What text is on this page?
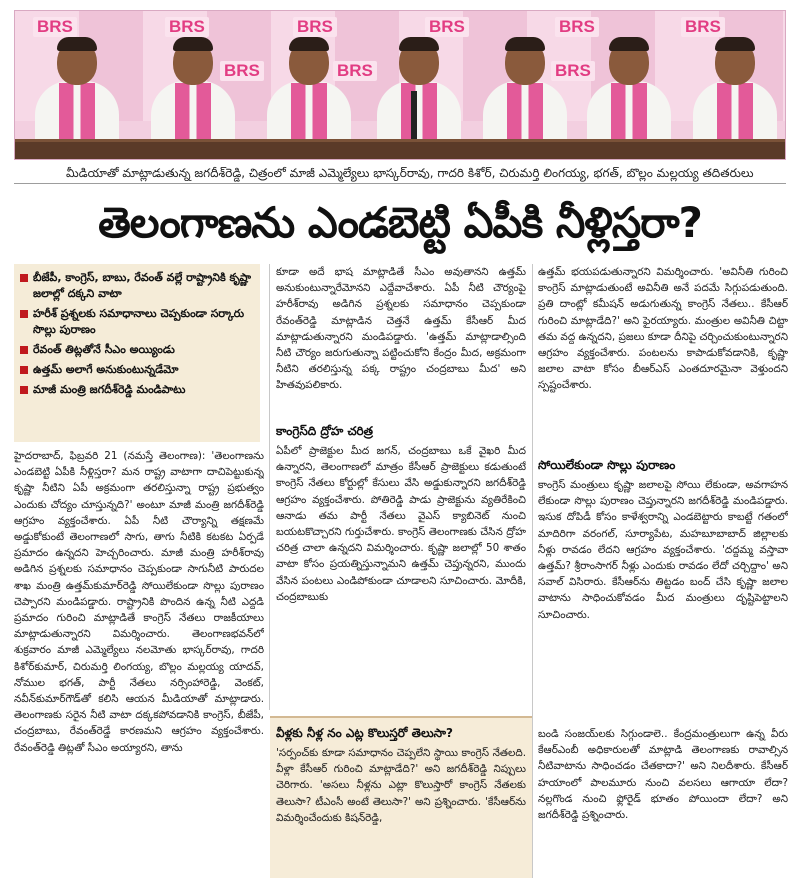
BRS	BRS	BRS	BRS	BRS	BRS
BRS	BRS	BRS
మీడియాతో మాట్లాడుతున్న జగదీశ్‌రెడ్డి, చిత్రంలో మాజీ ఎమ్మెల్యేలు భాస్కర్‌రావు, గాదరి కిశోర్, చిరుమర్తి లింగయ్య, భగత్, బొల్లం మల్లయ్య తదితరులు
తెలంగాణను ఎండబెట్టి ఏపీకి నీళ్లిస్తరా?
బీజేపీ, కాంగ్రెస్, బాబు, రేవంత్ వల్లే రాష్ట్రానికి కృష్ణా జలాల్లో దక్కని వాటా
హరీశ్ ప్రశ్నలకు సమాధానాలు చెప్పకుండా సర్కారు సొల్లు పురాణం
రేవంత్ తిట్లతోనే సీఎం అయ్యిండు
ఉత్తమ్ అలాగే అనుకుంటున్నడేమో
మాజీ మంత్రి జగదీశ్‌రెడ్డి మండిపాటు

హైదరాబాద్, ఫిబ్రవరి 21 (నమస్తే తెలంగాణ): 'తెలంగాణను ఎండబెట్టి ఏపీకి నీళ్లిస్తరా? మన రాష్ట్ర వాటాగా దాచిపెట్టుకున్న కృష్ణా నీటిని ఏపీ అక్రమంగా తరలిస్తున్నా రాష్ట్ర ప్రభుత్వం ఎందుకు చోద్యం చూస్తున్నది?' అంటూ మాజీ మంత్రి జగదీశ్‌రెడ్డి ఆగ్రహం వ్యక్తంచేశారు. ఏపీ నీటి చౌర్యాన్ని తక్షణమే అడ్డుకోకుంటే తెలంగాణలో సాగు, తాగు నీటికి కటకట ఏర్పడే ప్రమాదం ఉన్నదని హెచ్చరించారు. మాజీ మంత్రి హరీశ్‌రావు అడిగిన ప్రశ్నలకు సమాధానం చెప్పకుండా సాగునీటి పారుదల శాఖ మంత్రి ఉత్తమ్‌కుమార్‌రెడ్డి సోయిలేకుండా సొల్లు పురాణం చెప్పారని మండిపడ్డారు. రాష్ట్రానికి పొందిన ఉన్న నీటి ఎద్దడి ప్రమాదం గురించి మాట్లాడితే కాంగ్రెస్ నేతలు రాజకీయాలు మాట్లాడుతున్నారని విమర్శించారు. తెలంగాణభవన్‌లో శుక్రవారం మాజీ ఎమ్మెల్యేలు నలమోతు భాస్కర్‌రావు, గాదరి కిశోర్‌కుమార్, చిరుమర్తి లింగయ్య, బొల్లం మల్లయ్య యాదవ్, నోముల భగత్, పార్టీ నేతలు నర్సింహారెడ్డి, వెంకట్, నవీన్‌కుమార్‌గౌడ్‌తో కలిసి ఆయన మీడియాతో మాట్లాడారు. తెలంగాణకు సరైన నీటి వాటా దక్కకపోవడానికి కాంగ్రెస్, బీజేపీ, చంద్రబాబు, రేవంత్‌రెడ్డే కారణమని ఆగ్రహం వ్యక్తంచేశారు. రేవంత్‌రెడ్డి తిట్లతో సీఎం అయ్యారని, తాను

కూడా అదే భాష మాట్లాడితే సీఎం అవుతానని ఉత్తమ్ అనుకుంటున్నారేమోనని ఎద్దేవాచేశారు. ఏపీ నీటి చౌర్యంపై హరీశ్‌రావు అడిగిన ప్రశ్నలకు సమాధానం చెప్పకుండా రేవంత్‌రెడ్డి మాట్లాడిన చెత్తనే ఉత్తమ్ కేసీఆర్ మీద మాట్లాడుతున్నారని మండిపడ్డారు. 'ఉత్తమ్ మాట్లాడాల్సింది నీటి చౌర్యం జరుగుతున్నా పట్టించుకోని కేంద్రం మీద, అక్రమంగా నీటిని తరలిస్తున్న పక్క రాష్ట్రం చంద్రబాబు మీద' అని హితవుపలికారు.

కాంగ్రెస్‌ది ద్రోహ చరిత్ర

ఏపీలో ప్రాజెక్టుల మీద జగన్, చంద్రబాబు ఒకే వైఖరి మీద ఉన్నారని, తెలంగాణలో మాత్రం కేసీఆర్ ప్రాజెక్టులు కడుతుంటే కాంగ్రెస్ నేతలు కోర్టుల్లో కేసులు వేసి అడ్డుకున్నారని జగదీశ్‌రెడ్డి ఆగ్రహం వ్యక్తంచేశారు. పోతిరెడ్డి పాడు ప్రాజెక్టును వ్యతిరేకించి ఆనాడు తమ పార్టీ నేతలు వైఎస్ క్యాబినెట్ నుంచి బయటకొచ్చారని గుర్తుచేశారు. కాంగ్రెస్ తెలంగాణకు చేసిన ద్రోహ చరిత్ర చాలా ఉన్నదని విమర్శించారు. కృష్ణా జలాల్లో 50 శాతం వాటా కోసం ప్రయత్నిస్తున్నామని ఉత్తమ్ చెప్తున్నరని, ముందు వేసిన పంటలు ఎండిపోకుండా చూడాలని సూచించారు. మోదీకి, చంద్రబాబుకు

ఉత్తమ్ భయపడుతున్నారని విమర్శించారు. 'అవినీతి గురించి కాంగ్రెస్ మాట్లాడుతుంటే అవినీతి అనే పదమే సిగ్గుపడుతుంది. ప్రతి దాంట్లో కమీషన్ అడుగుతున్న కాంగ్రెస్ నేతలు.. కేసీఆర్ గురించి మాట్లాడేది?' అని ఫైరయ్యారు. మంత్రుల అవినీతి చిట్టా తమ వద్ద ఉన్నదని, ప్రజలు కూడా దీనిపై చర్చించుకుంటున్నారని ఆగ్రహం వ్యక్తంచేశారు. పంటలను కాపాడుకోవడానికి, కృష్ణా జలాల వాటా కోసం బీఆర్‌ఎస్ ఎంతదూరమైనా వెళ్తుందని స్పష్టంచేశారు.

సోయిలేకుండా సొల్లు పురాణం

కాంగ్రెస్ మంత్రులు కృష్ణా జలాలపై సోయి లేకుండా, అవగాహన లేకుండా సొల్లు పురాణం చెప్తున్నారని జగదీశ్‌రెడ్డి మండిపడ్డారు. ఇసుక దోపిడీ కోసం కాళేశ్వరాన్ని ఎండబెట్టారు కాబట్టే గతంలో మాదిరిగా వరంగల్, సూర్యాపేట, మహబూబాబాద్ జిల్లాలకు నీళ్లు రావడం లేదని ఆగ్రహం వ్యక్తంచేశారు. 'దద్దమ్మ వస్తావా ఉత్తమ్? శ్రీరాంసాగర్ నీళ్లు ఎందుకు రావడం లేదో చర్చిద్దాం' అని సవాల్ విసిరారు. కేసీఆర్‌ను తిట్టడం బంద్ చేసి కృష్ణా జలాల వాటాను సాధించుకోవడం మీద మంత్రులు దృష్టిపెట్టాలని సూచించారు.

వీళ్లకు నీళ్ల నం ఎట్ల కొలుస్తరో తెలుసా?
'సర్పంచ్‌కు కూడా సమాధానం చెప్పలేని స్థాయి కాంగ్రెస్ నేతలది. వీళ్లా కేసీఆర్ గురించి మాట్లాడేది?' అని జగదీశ్‌రెడ్డి నిప్పులు చెరిగారు. 'అసలు నీళ్లను ఎట్లా కొలుస్తారో కాంగ్రెస్ నేతలకు తెలుసా? టీఎంసీ అంటే తెలుసా?' అని ప్రశ్నించారు. 'కేసీఆర్‌ను విమర్శించేందుకు కిషన్‌రెడ్డి,
బండి సంజయ్‌లకు సిగ్గుండాలె.. కేంద్రమంత్రులుగా ఉన్న వీరు కేఆర్‌ఎంబీ అధికారులతో మాట్లాడి తెలంగాణకు రావాల్సిన నీటివాటాను సాధించడం చేతకాదా?' అని నిలదీశారు. కేసీఆర్ హయాంలో పాలమూరు నుంచి వలసలు ఆగాయా లేదా? నల్లగొండ నుంచి ఫ్లోరైడ్ భూతం పోయిందా లేదా? అని జగదీశ్‌రెడ్డి ప్రశ్నించారు.
